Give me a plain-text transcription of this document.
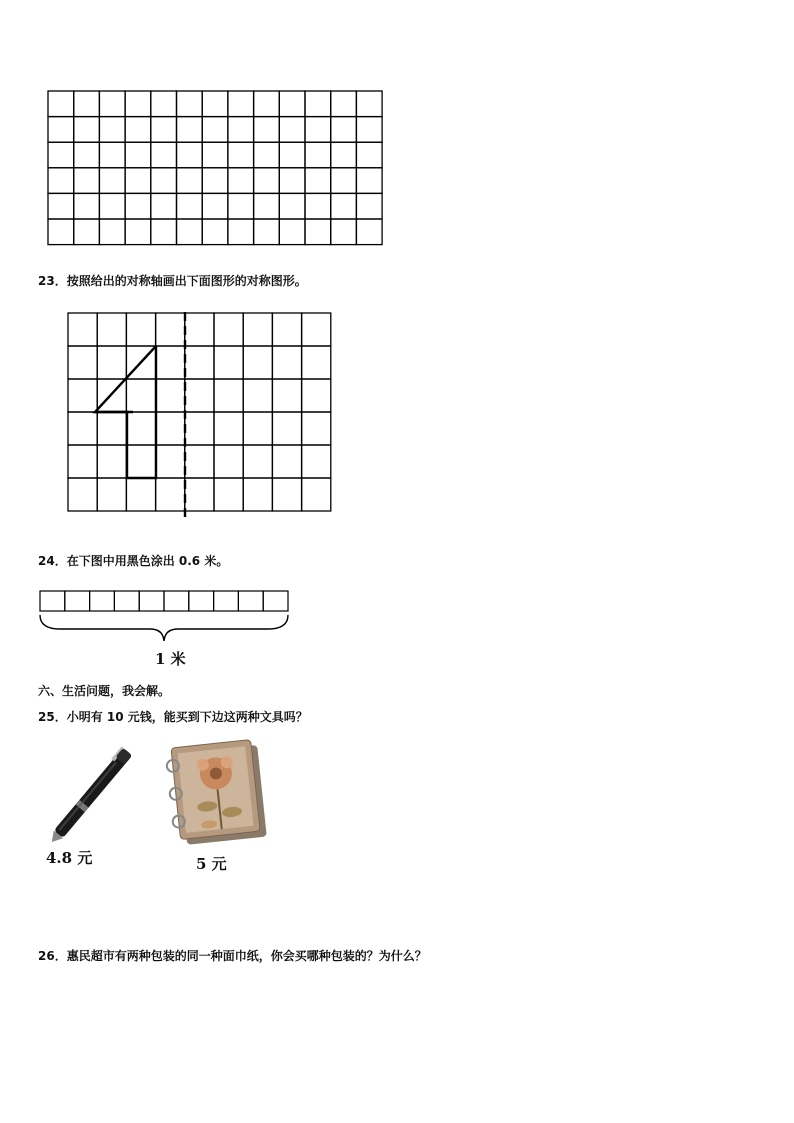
23．按照给出的对称轴画出下面图形的对称图形。
24．在下图中用黑色涂出 0.6 米。
1 米
六、生活问题，我会解。
25．小明有 10 元钱，能买到下边这两种文具吗？
4.8 元	5 元
26．惠民超市有两种包装的同一种面巾纸，你会买哪种包装的？为什么？
